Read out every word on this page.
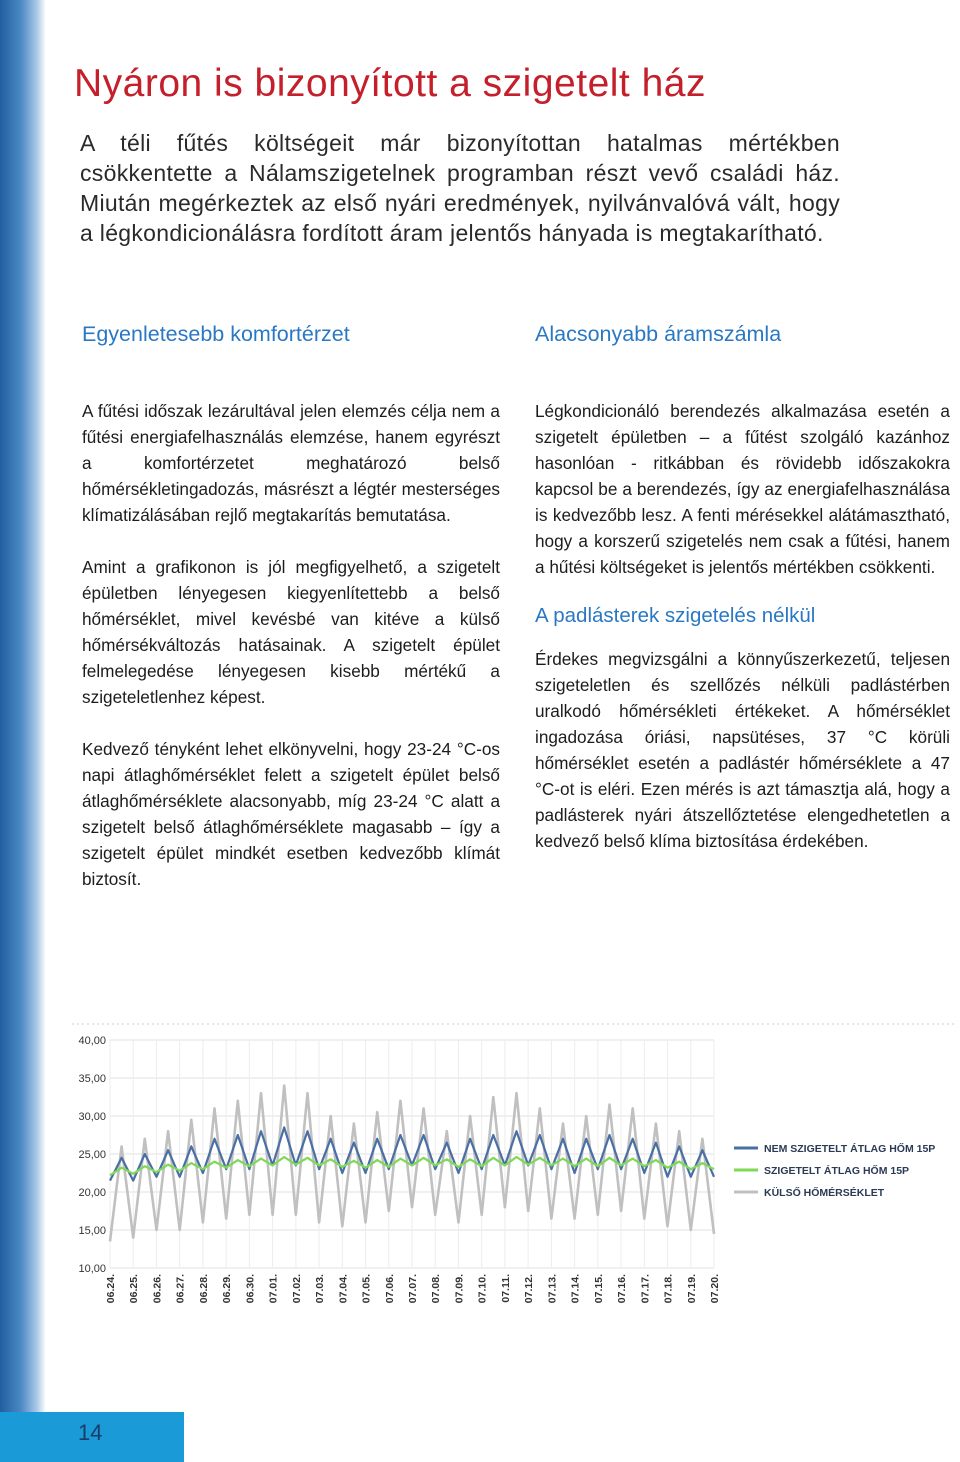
Nyáron is bizonyított a szigetelt ház

A téli fűtés költségeit már bizonyítottan hatalmas mértékben csökkentette a Nálamszigetelnek programban részt vevő családi ház. Miután megérkeztek az első nyári eredmények, nyilvánvalóvá vált, hogy a légkondicionálásra fordított áram jelentős hányada is megtakarítható.

Egyenletesebb komfortérzet

A fűtési időszak lezárultával jelen elemzés célja nem a fűtési energiafelhasználás elemzése, hanem egyrészt a komfortérzetet meghatározó belső hőmérsékletingadozás, másrészt a légtér mesterséges klímatizálásában rejlő megtakarítás bemutatása.

Amint a grafikonon is jól megfigyelhető, a szigetelt épületben lényegesen kiegyenlítettebb a belső hőmérséklet, mivel kevésbé van kitéve a külső hőmérsékváltozás hatásainak. A szigetelt épület felmelegedése lényegesen kisebb mértékű a szigeteletlenhez képest.

Kedvező tényként lehet elkönyvelni, hogy 23-24 °C-os napi átlaghőmérséklet felett a szigetelt épület belső átlaghőmérséklete alacsonyabb, míg 23-24 °C alatt a szigetelt belső átlaghőmérséklete magasabb – így a szigetelt épület mindkét esetben kedvezőbb klímát biztosít.

Alacsonyabb áramszámla

Légkondicionáló berendezés alkalmazása esetén a szigetelt épületben – a fűtést szolgáló kazánhoz hasonlóan - ritkábban és rövidebb időszakokra kapcsol be a berendezés, így az energiafelhasználása is kedvezőbb lesz. A fenti mérésekkel alátámasztható, hogy a korszerű szigetelés nem csak a fűtési, hanem a hűtési költségeket is jelentős mértékben csökkenti.

A padlásterek szigetelés nélkül

Érdekes megvizsgálni a könnyűszerkezetű, teljesen szigeteletlen és szellőzés nélküli padlástérben uralkodó hőmérsékleti értékeket. A hőmérséklet ingadozása óriási, napsütéses, 37 °C körüli hőmérséklet esetén a padlástér hőmérséklete a 47 °C-ot is eléri. Ezen mérés is azt támasztja alá, hogy a padlásterek nyári átszellőztetése elengedhetetlen a kedvező belső klíma biztosítása érdekében.

10,00
15,00
20,00
25,00
30,00
35,00
40,00
06.24. 06.25. 06.26. 06.27. 06.28. 06.29. 06.30. 07.01. 07.02. 07.03. 07.04. 07.05. 07.06. 07.07. 07.08. 07.09. 07.10. 07.11. 07.12. 07.13. 07.14. 07.15. 07.16. 07.17. 07.18. 07.19. 07.20.
NEM SZIGETELT ÁTLAG HŐM 15P
SZIGETELT ÁTLAG HŐM 15P
KÜLSŐ HŐMÉRSÉKLET
14
